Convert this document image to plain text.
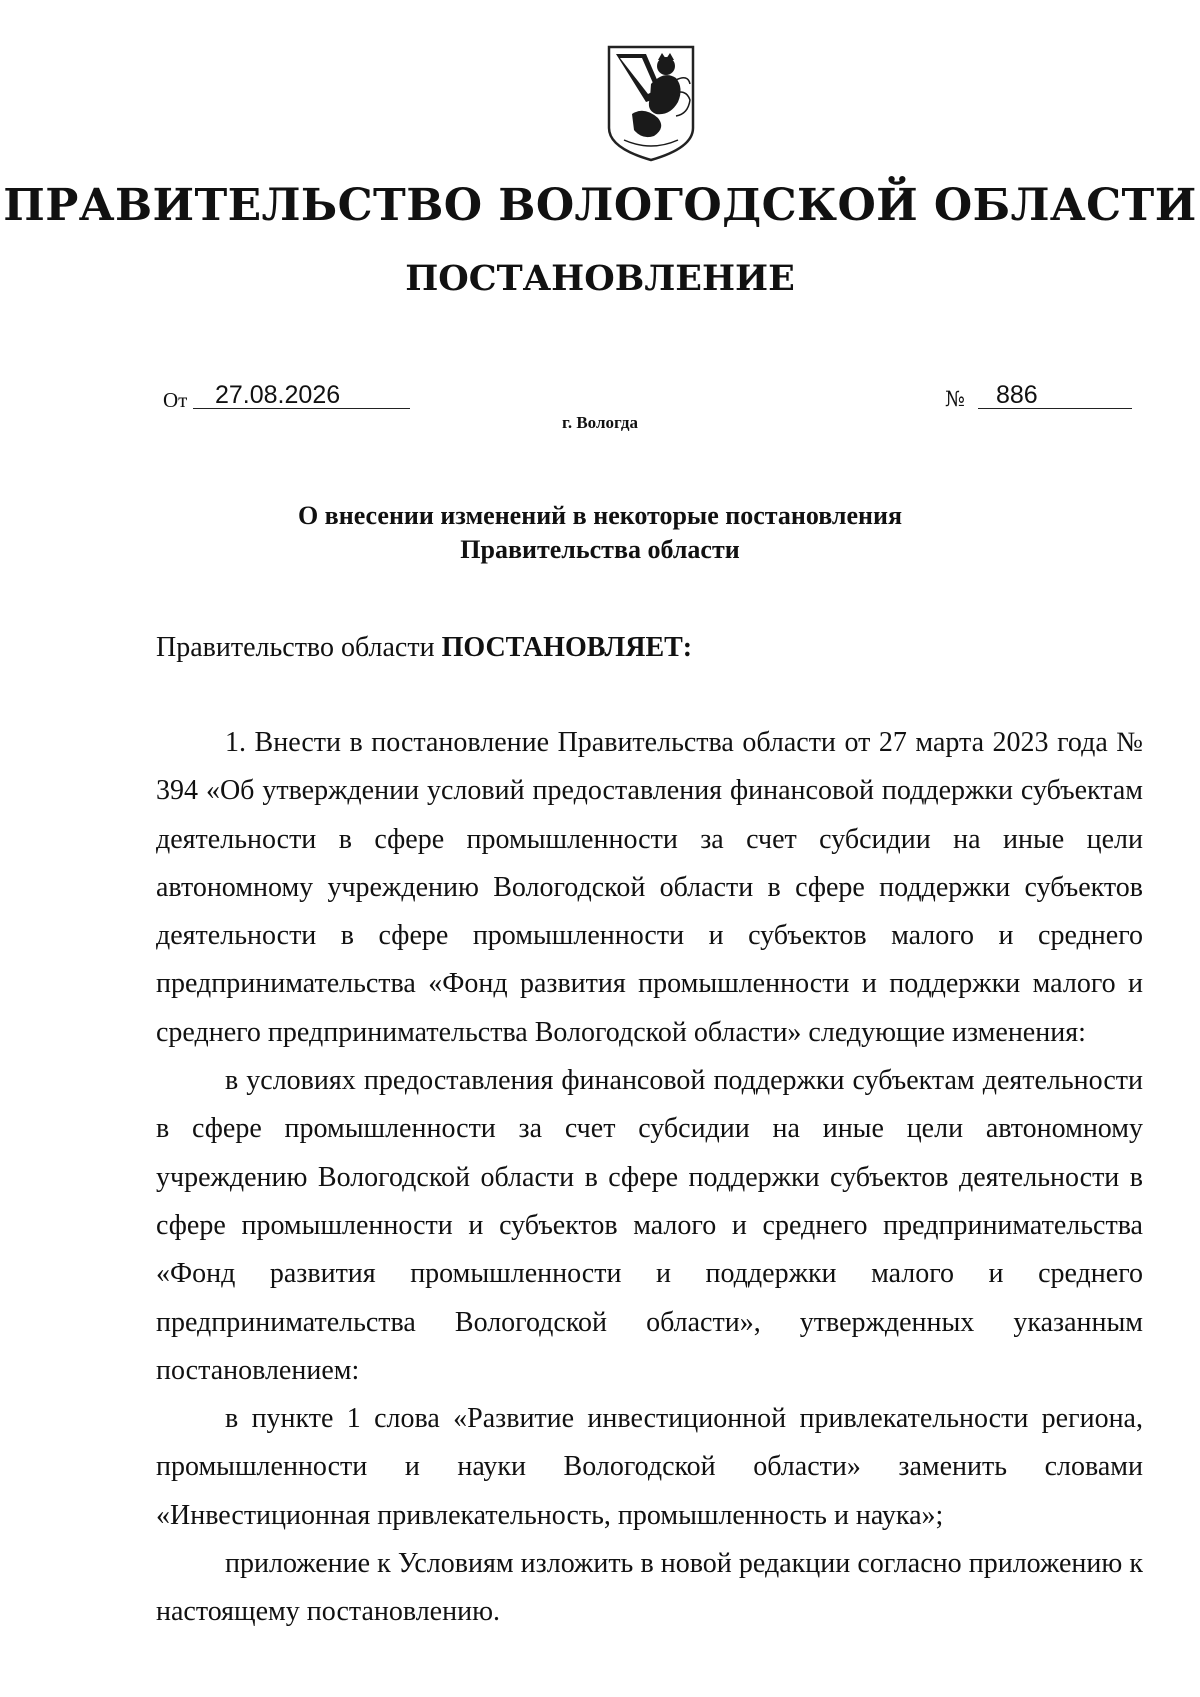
ПРАВИТЕЛЬСТВО ВОЛОГОДСКОЙ ОБЛАСТИ
ПОСТАНОВЛЕНИЕ
От 27.08.2026	№ 886
г. Вологда
О внесении изменений в некоторые постановления
Правительства области
Правительство области ПОСТАНОВЛЯЕТ:

1. Внести в постановление Правительства области от 27 марта 2023 года № 394 «Об утверждении условий предоставления финансовой поддержки субъектам деятельности в сфере промышленности за счет субсидии на иные цели автономному учреждению Вологодской области в сфере поддержки субъектов деятельности в сфере промышленности и субъектов малого и среднего предпринимательства «Фонд развития промышленности и поддержки малого и среднего предпринимательства Вологодской области» следующие изменения:

в условиях предоставления финансовой поддержки субъектам деятельности в сфере промышленности за счет субсидии на иные цели автономному учреждению Вологодской области в сфере поддержки субъектов деятельности в сфере промышленности и субъектов малого и среднего предпринимательства «Фонд развития промышленности и поддержки малого и среднего предпринимательства Вологодской области», утвержденных указанным постановлением:

в пункте 1 слова «Развитие инвестиционной привлекательности региона, промышленности и науки Вологодской области» заменить словами «Инвестиционная привлекательность, промышленность и наука»;

приложение к Условиям изложить в новой редакции согласно приложению к настоящему постановлению.
